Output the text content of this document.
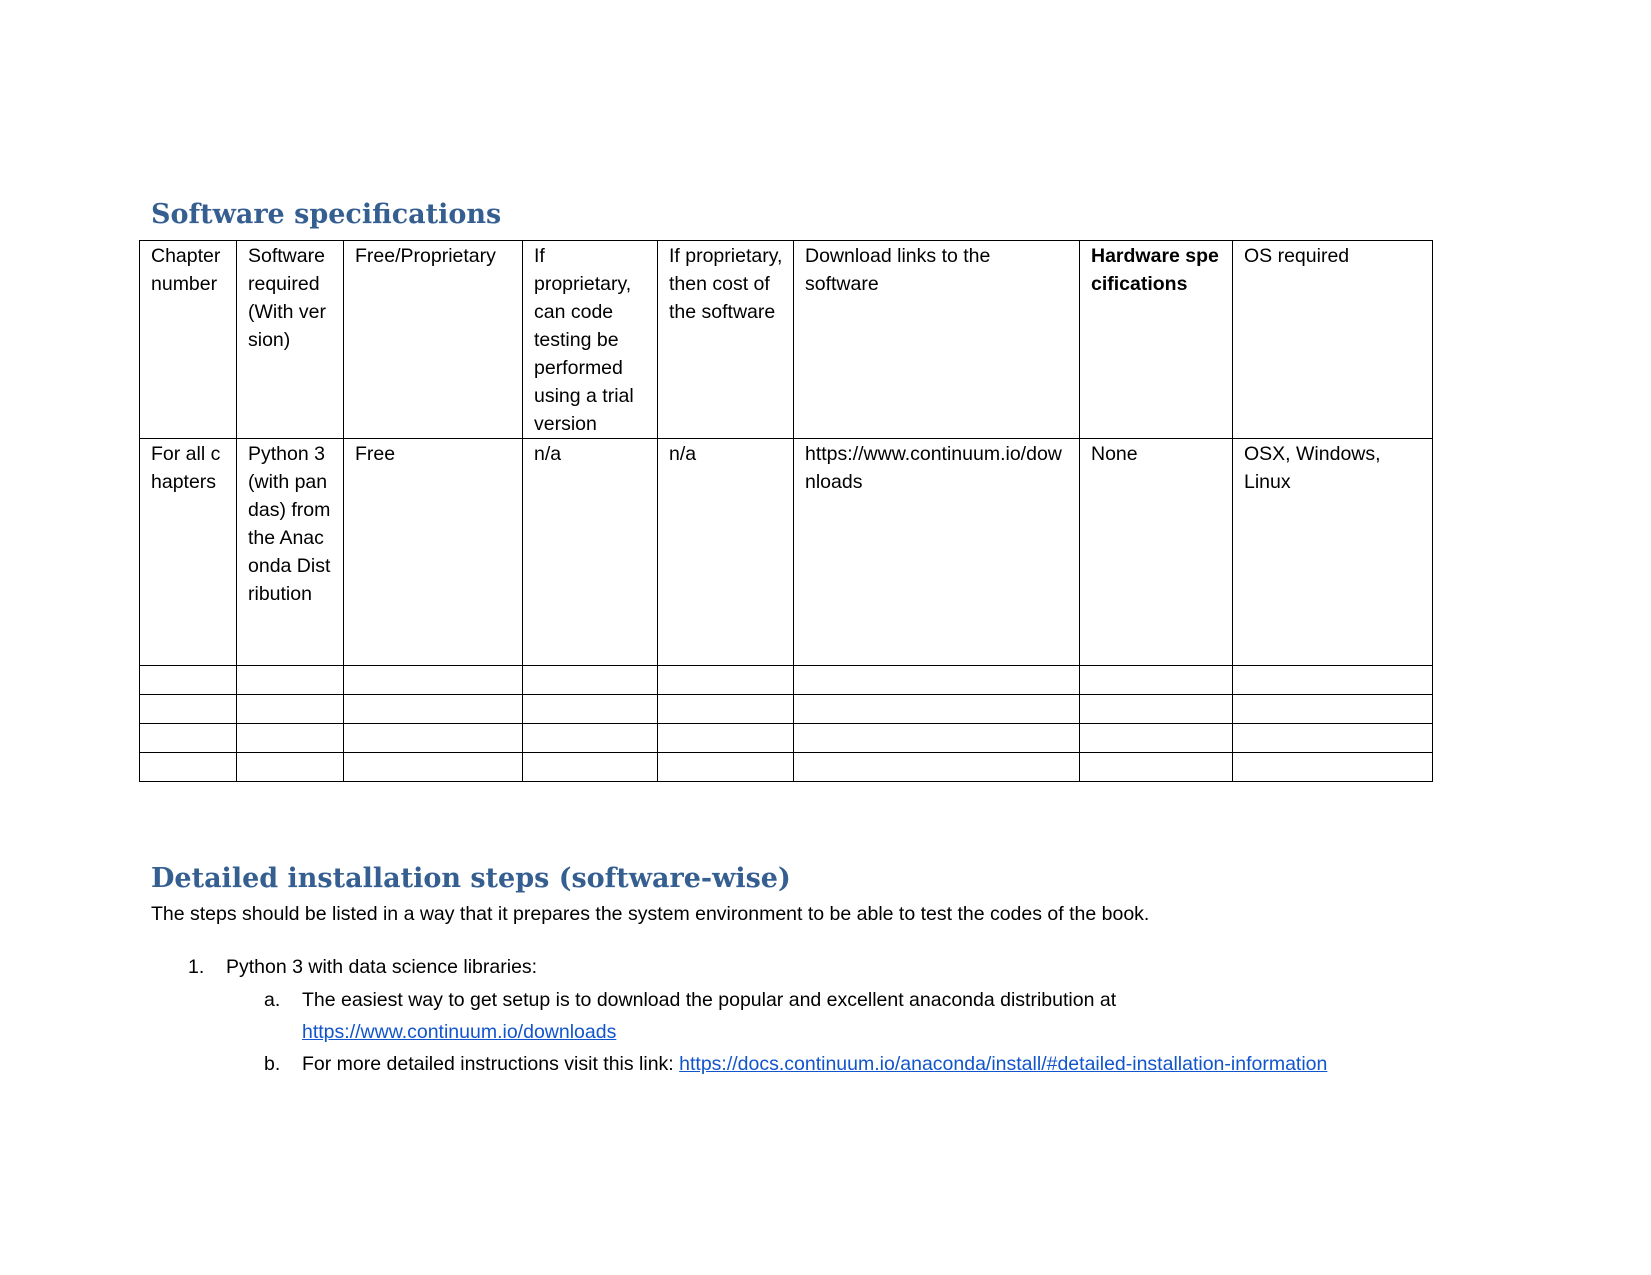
Software specifications
Chapter number	Software required (With version)	Free/Proprietary	If proprietary, can code testing be performed using a trial version	If proprietary, then cost of the software	Download links to the software	Hardware specifications	OS required
For all chapters	Python 3 (with pandas) from the Anaconda Distribution	Free	n/a	n/a	https://www.continuum.io/downloads	None	OSX, Windows, Linux

Detailed installation steps (software-wise)

The steps should be listed in a way that it prepares the system environment to be able to test the codes of the book.

1. Python 3 with data science libraries:

a. The easiest way to get setup is to download the popular and excellent anaconda distribution at

https://www.continuum.io/downloads

b. For more detailed instructions visit this link: https://docs.continuum.io/anaconda/install/#detailed-installation-information
